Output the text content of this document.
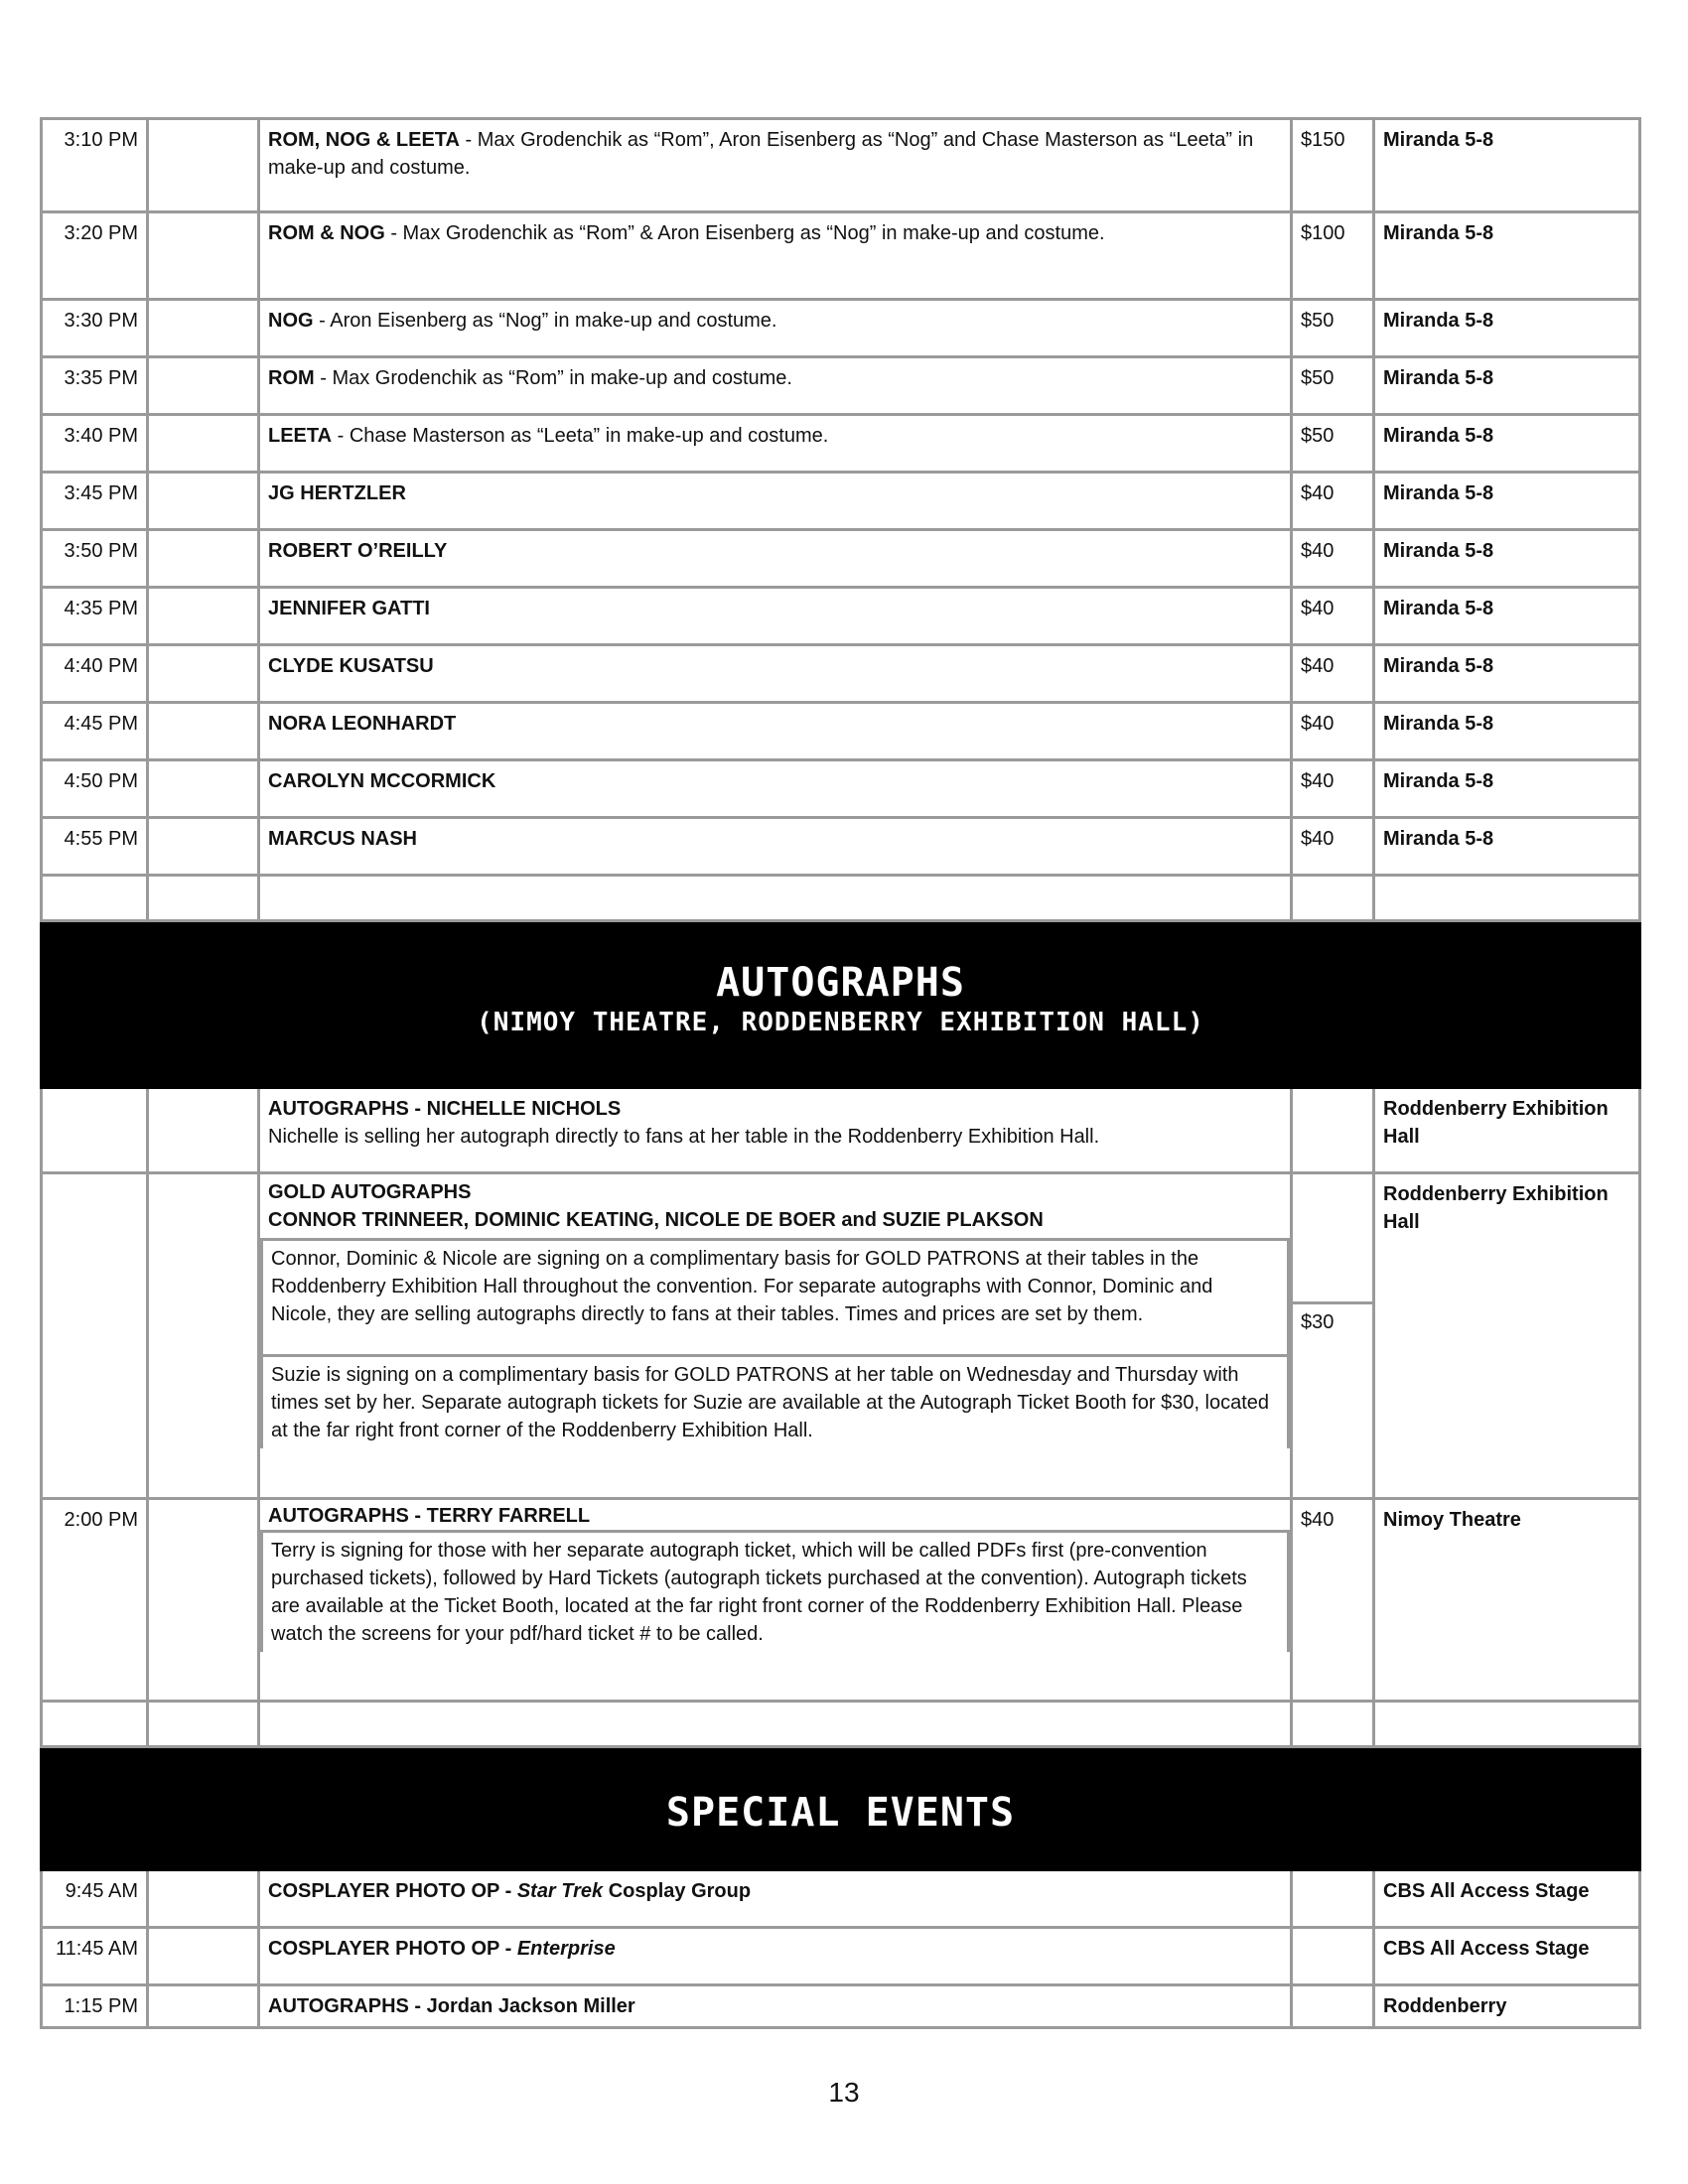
3:10 PM		ROM, NOG & LEETA - Max Grodenchik as “Rom”, Aron Eisenberg as “Nog” and Chase Masterson as “Leeta” in make-up and costume.	$150	Miranda 5-8
3:20 PM		ROM & NOG - Max Grodenchik as “Rom” & Aron Eisenberg as “Nog” in make-up and costume.	$100	Miranda 5-8
3:30 PM		NOG - Aron Eisenberg as “Nog” in make-up and costume.	$50	Miranda 5-8
3:35 PM		ROM - Max Grodenchik as “Rom” in make-up and costume.	$50	Miranda 5-8
3:40 PM		LEETA - Chase Masterson as “Leeta” in make-up and costume.	$50	Miranda 5-8
3:45 PM		JG HERTZLER	$40	Miranda 5-8
3:50 PM		ROBERT O’REILLY	$40	Miranda 5-8
4:35 PM		JENNIFER GATTI	$40	Miranda 5-8
4:40 PM		CLYDE KUSATSU	$40	Miranda 5-8
4:45 PM		NORA LEONHARDT	$40	Miranda 5-8
4:50 PM		CAROLYN MCCORMICK	$40	Miranda 5-8
4:55 PM		MARCUS NASH	$40	Miranda 5-8

AUTOGRAPHS
(NIMOY THEATRE, RODDENBERRY EXHIBITION HALL)				

		AUTOGRAPHS - NICHELLE NICHOLS
Nichelle is selling her autograph directly to fans at her table in the Roddenberry Exhibition Hall.		Roddenberry Exhibition Hall

		GOLD AUTOGRAPHS
CONNOR TRINNEER, DOMINIC KEATING, NICOLE DE BOER and SUZIE PLAKSON
Connor, Dominic & Nicole are signing on a complimentary basis for GOLD PATRONS at their tables in the Roddenberry Exhibition Hall throughout the convention. For separate autographs with Connor, Dominic and Nicole, they are selling autographs directly to fans at their tables. Times and prices are set by them.
Suzie is signing on a complimentary basis for GOLD PATRONS at her table on Wednesday and Thursday with times set by her. Separate autograph tickets for Suzie are available at the Autograph Ticket Booth for $30, located at the far right front corner of the Roddenberry Exhibition Hall.	$30	Roddenberry Exhibition Hall
2:00 PM		AUTOGRAPHS - TERRY FARRELL
Terry is signing for those with her separate autograph ticket, which will be called PDFs first (pre-convention purchased tickets), followed by Hard Tickets (autograph tickets purchased at the convention). Autograph tickets are available at the Ticket Booth, located at the far right front corner of the Roddenberry Exhibition Hall. Please watch the screens for your pdf/hard ticket # to be called.	$40	Nimoy Theatre

SPECIAL EVENTS				

9:45 AM		COSPLAYER PHOTO OP - Star Trek Cosplay Group		CBS All Access Stage
11:45 AM		COSPLAYER PHOTO OP - Enterprise		CBS All Access Stage
1:15 PM		AUTOGRAPHS - Jordan Jackson Miller		Roddenberry
13
